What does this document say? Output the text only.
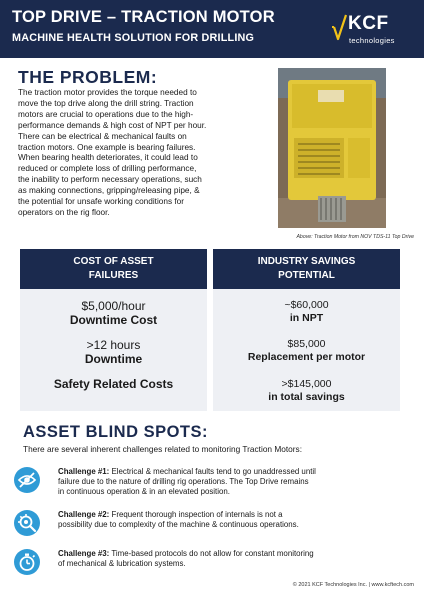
TOP DRIVE – TRACTION MOTOR
MACHINE HEALTH SOLUTION FOR DRILLING
KCF
technologies
THE PROBLEM:
The traction motor provides the torque needed to
move the top drive along the drill string. Traction
motors are crucial to operations due to the high-
performance demands & high cost of NPT per hour.
There can be electrical & mechanical faults on
traction motors. One example is bearing failures.
When bearing health deteriorates, it could lead to
reduced or complete loss of drilling performance,
the inability to perform necessary operations, such
as making connections, gripping/releasing pipe, &
the potential for unsafe working conditions for
operators on the rig floor.
Above: Traction Motor from NOV TDS-11 Top Drive
COST OF ASSET
FAILURES
$5,000/hour
Downtime Cost
>12 hours
Downtime
Safety Related Costs
INDUSTRY SAVINGS
POTENTIAL
~$60,000
in NPT
$85,000
Replacement per motor
>$145,000
in total savings
ASSET BLIND SPOTS:
There are several inherent challenges related to monitoring Traction Motors:
Challenge #1: Electrical & mechanical faults tend to go unaddressed until
failure due to the nature of drilling rig operations. The Top Drive remains
in continuous operation & in an elevated position.
Challenge #2: Frequent thorough inspection of internals is not a
possibility due to complexity of the machine & continuous operations.
Challenge #3: Time-based protocols do not allow for constant monitoring
of mechanical & lubrication systems.
© 2021 KCF Technologies Inc. | www.kcftech.com
